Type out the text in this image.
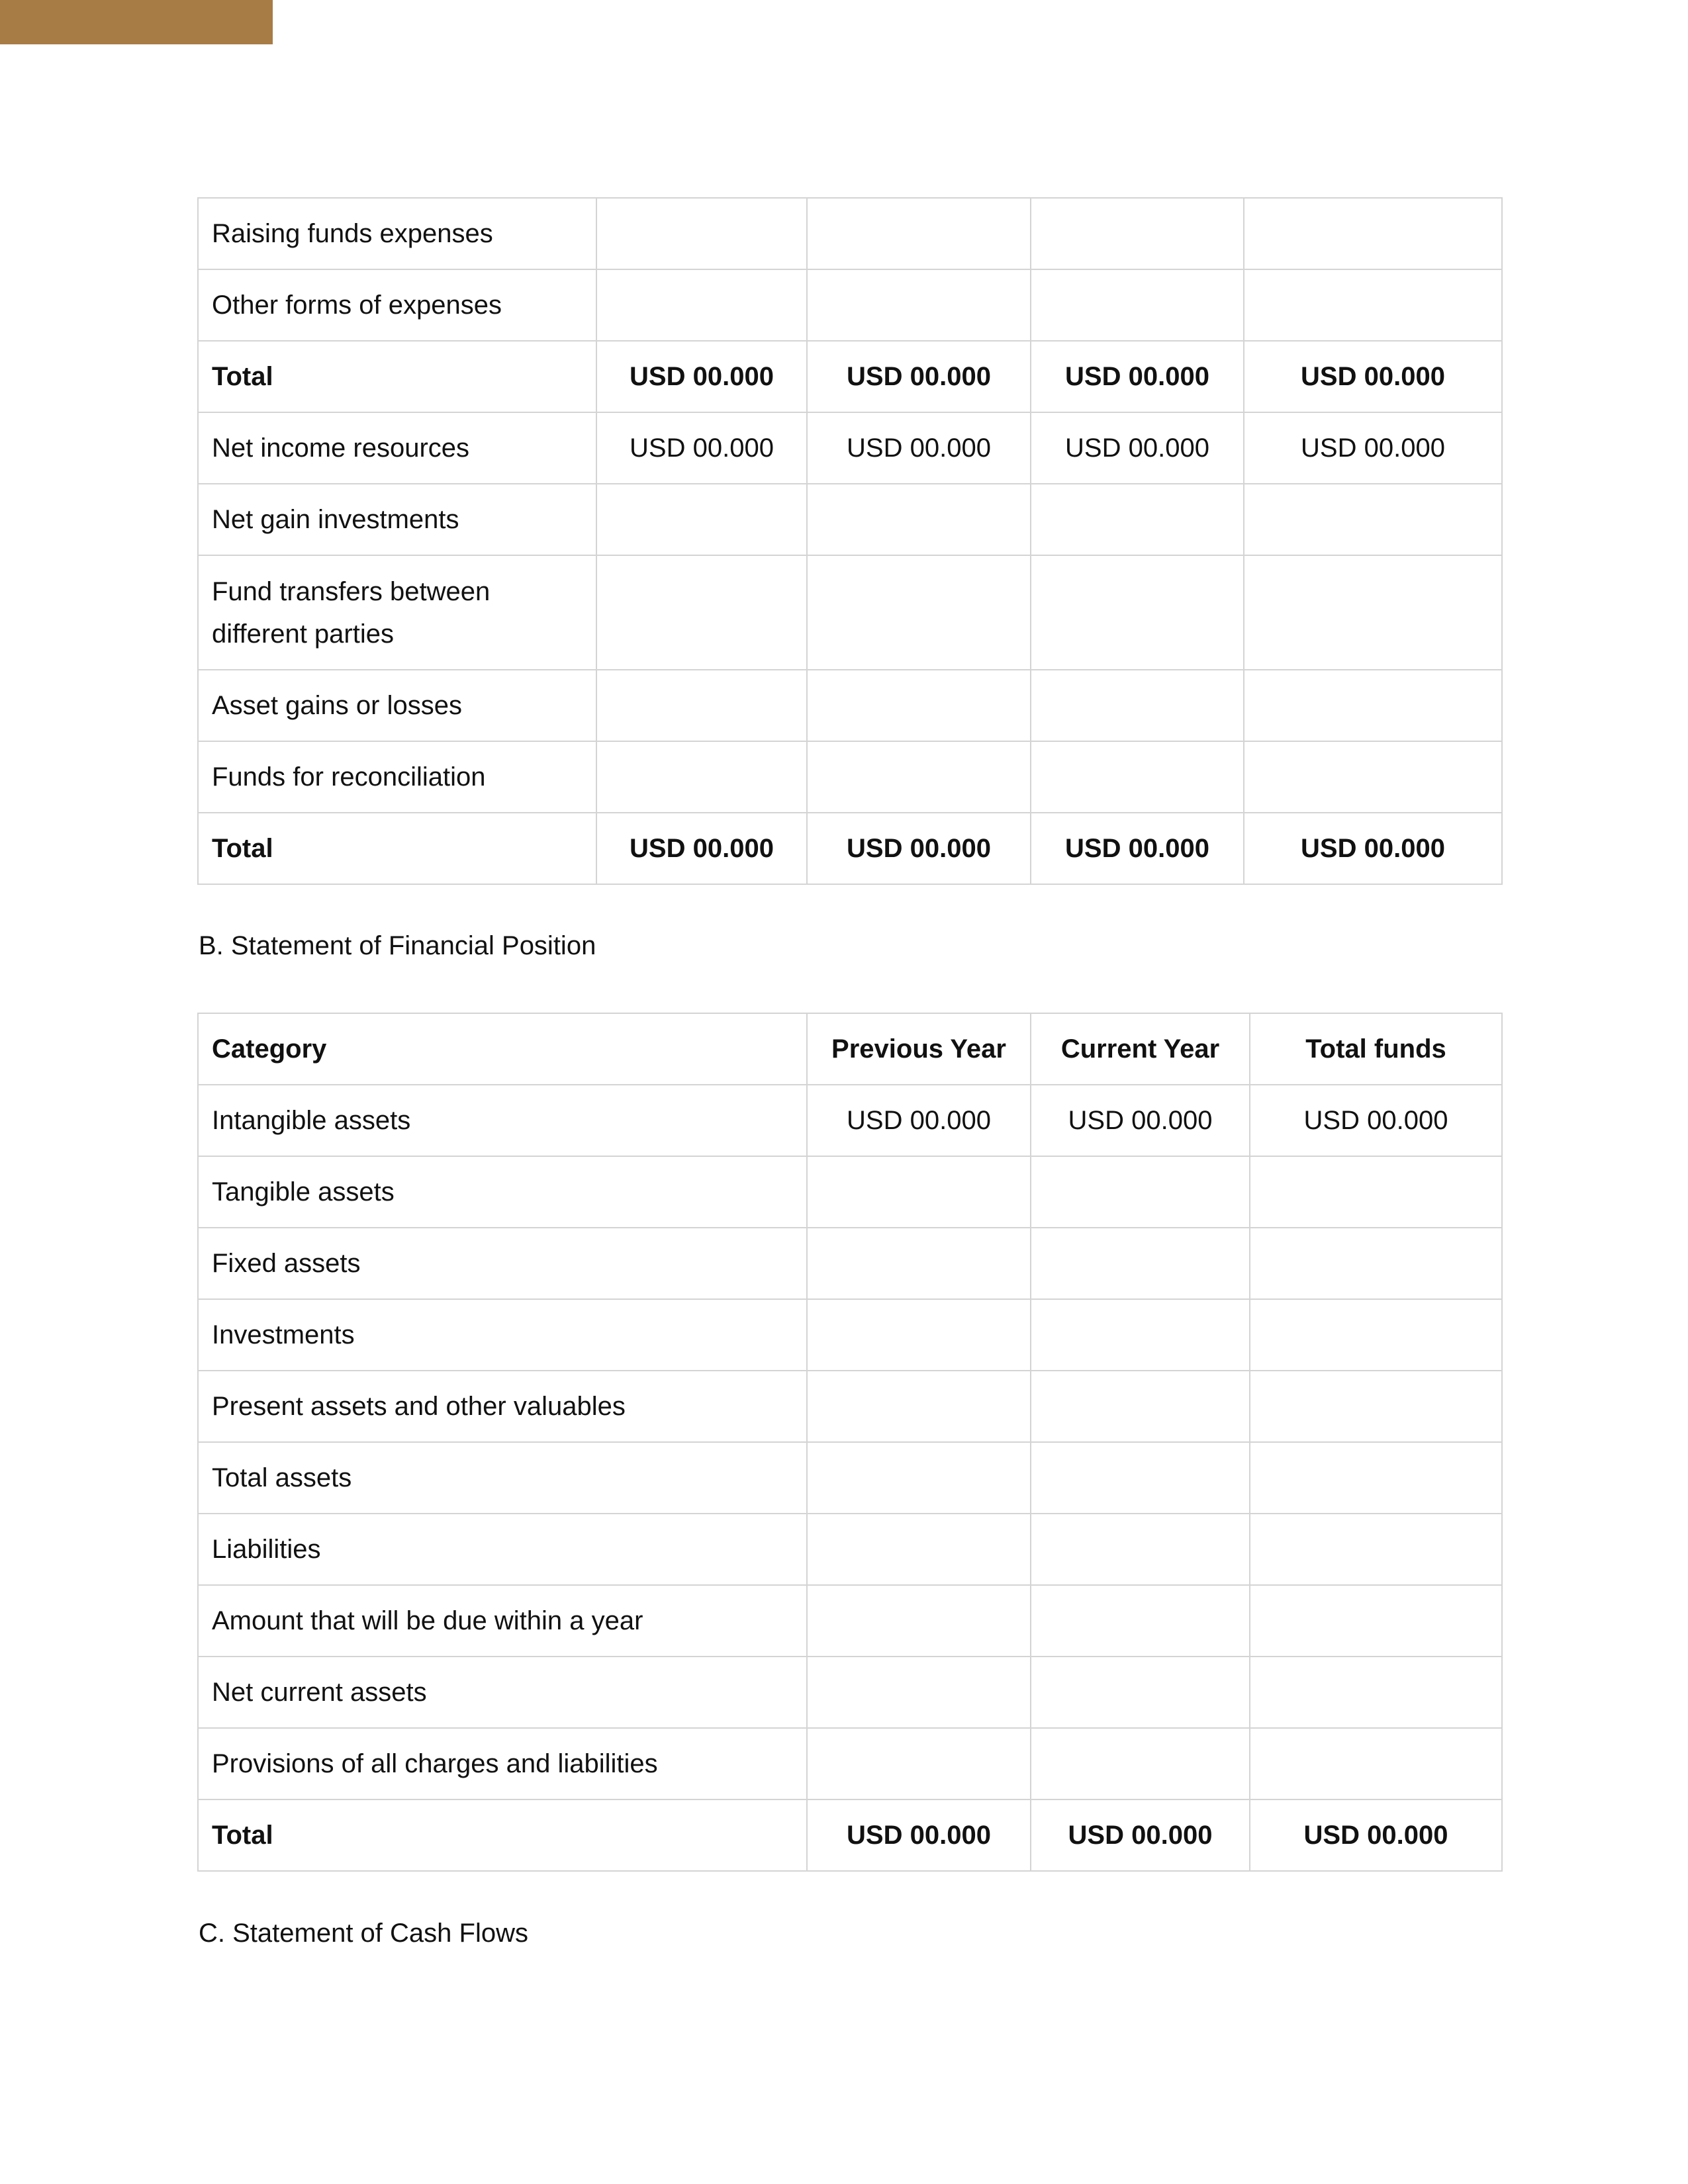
Raising funds expenses				
Other forms of expenses				
Total	USD 00.000	USD 00.000	USD 00.000	USD 00.000
Net income resources	USD 00.000	USD 00.000	USD 00.000	USD 00.000
Net gain investments				
Fund transfers between different parties				
Asset gains or losses				
Funds for reconciliation				
Total	USD 00.000	USD 00.000	USD 00.000	USD 00.000
B. Statement of Financial Position
Category	Previous Year	Current Year	Total funds
Intangible assets	USD 00.000	USD 00.000	USD 00.000
Tangible assets			
Fixed assets			
Investments			
Present assets and other valuables			
Total assets			
Liabilities			
Amount that will be due within a year			
Net current assets			
Provisions of all charges and liabilities			
Total	USD 00.000	USD 00.000	USD 00.000
C. Statement of Cash Flows
